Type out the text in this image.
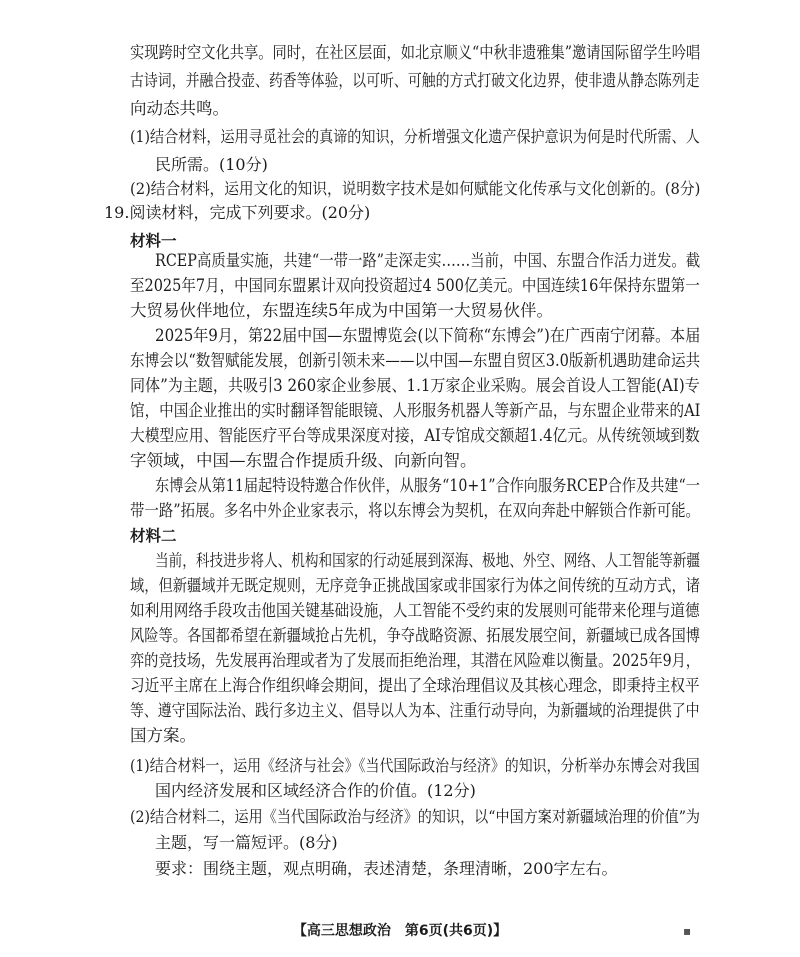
实现跨时空文化共享。同时，在社区层面，如北京顺义“中秋非遗雅集”邀请国际留学生吟唱
古诗词，并融合投壶、药香等体验，以可听、可触的方式打破文化边界，使非遗从静态陈列走
向动态共鸣。
(1)结合材料，运用寻觅社会的真谛的知识，分析增强文化遗产保护意识为何是时代所需、人
民所需。(10分)
(2)结合材料，运用文化的知识，说明数字技术是如何赋能文化传承与文化创新的。(8分)
19.阅读材料，完成下列要求。(20分)
材料一
RCEP高质量实施，共建“一带一路”走深走实……当前，中国、东盟合作活力迸发。截
至2025年7月，中国同东盟累计双向投资超过4 500亿美元。中国连续16年保持东盟第一
大贸易伙伴地位，东盟连续5年成为中国第一大贸易伙伴。
2025年9月，第22届中国—东盟博览会(以下简称“东博会”)在广西南宁闭幕。本届
东博会以“数智赋能发展，创新引领未来——以中国—东盟自贸区3.0版新机遇助建命运共
同体”为主题，共吸引3 260家企业参展、1.1万家企业采购。展会首设人工智能(AI)专
馆，中国企业推出的实时翻译智能眼镜、人形服务机器人等新产品，与东盟企业带来的AI
大模型应用、智能医疗平台等成果深度对接，AI专馆成交额超1.4亿元。从传统领域到数
字领域，中国—东盟合作提质升级、向新向智。
东博会从第11届起特设特邀合作伙伴，从服务“10+1”合作向服务RCEP合作及共建“一
带一路”拓展。多名中外企业家表示，将以东博会为契机，在双向奔赴中解锁合作新可能。
材料二
当前，科技进步将人、机构和国家的行动延展到深海、极地、外空、网络、人工智能等新疆
域，但新疆域并无既定规则，无序竞争正挑战国家或非国家行为体之间传统的互动方式，诸
如利用网络手段攻击他国关键基础设施，人工智能不受约束的发展则可能带来伦理与道德
风险等。各国都希望在新疆域抢占先机，争夺战略资源、拓展发展空间，新疆域已成各国博
弈的竞技场，先发展再治理或者为了发展而拒绝治理，其潜在风险难以衡量。2025年9月，
习近平主席在上海合作组织峰会期间，提出了全球治理倡议及其核心理念，即秉持主权平
等、遵守国际法治、践行多边主义、倡导以人为本、注重行动导向，为新疆域的治理提供了中
国方案。
(1)结合材料一，运用《经济与社会》《当代国际政治与经济》的知识，分析举办东博会对我国
国内经济发展和区域经济合作的价值。(12分)
(2)结合材料二，运用《当代国际政治与经济》的知识，以“中国方案对新疆域治理的价值”为
主题，写一篇短评。(8分)
要求：围绕主题，观点明确，表述清楚，条理清晰，200字左右。
【高三思想政治　第6页(共6页)】	▪
